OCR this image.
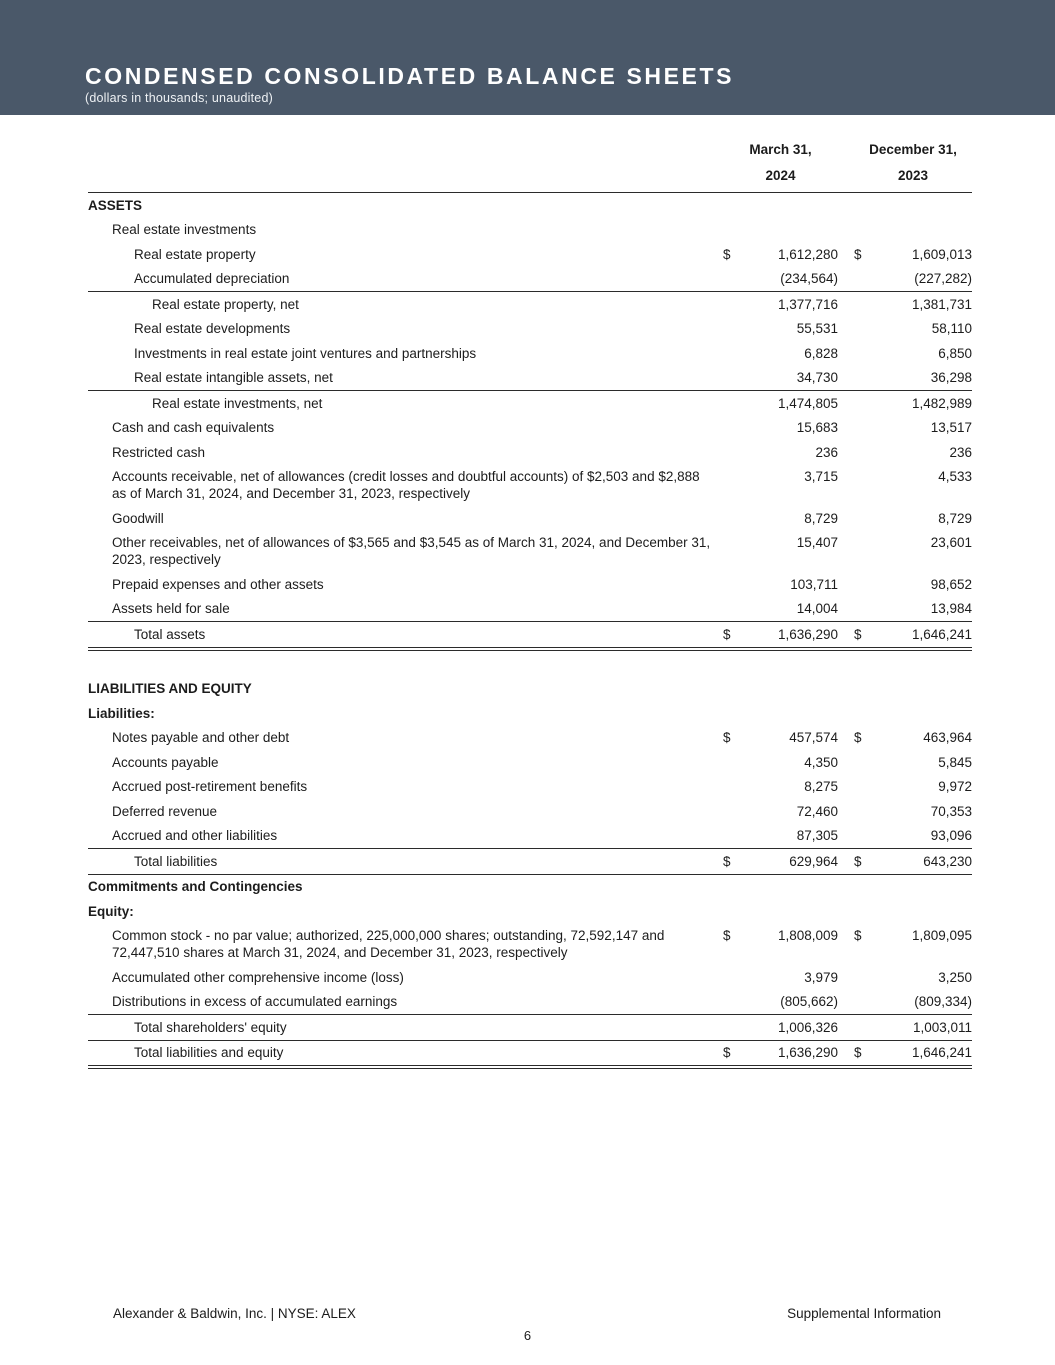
CONDENSED CONSOLIDATED BALANCE SHEETS
(dollars in thousands; unaudited)
March 31,
2024
December 31,
2023
ASSETS
Real estate investments
Real estate property	$	1,612,280 $	1,609,013
Accumulated depreciation	(234,564)	(227,282)
Real estate property, net	1,377,716	1,381,731
Real estate developments	55,531	58,110
Investments in real estate joint ventures and partnerships	6,828	6,850
Real estate intangible assets, net	34,730	36,298
Real estate investments, net	1,474,805	1,482,989
Cash and cash equivalents	15,683	13,517
Restricted cash	236	236
Accounts receivable, net of allowances (credit losses and doubtful accounts) of $2,503 and $2,888 as of March 31, 2024, and December 31, 2023, respectively
3,715	4,533
Goodwill	8,729	8,729
Other receivables, net of allowances of $3,565 and $3,545 as of March 31, 2024, and December 31, 2023, respectively
15,407	23,601
Prepaid expenses and other assets	103,711	98,652
Assets held for sale	14,004	13,984
Total assets	$	1,636,290 $	1,646,241
LIABILITIES AND EQUITY
Liabilities:
Notes payable and other debt	$	457,574 $	463,964
Accounts payable	4,350	5,845
Accrued post-retirement benefits	8,275	9,972
Deferred revenue	72,460	70,353
Accrued and other liabilities	87,305	93,096
Total liabilities	$	629,964 $	643,230
Commitments and Contingencies
Equity:
Common stock - no par value; authorized, 225,000,000 shares; outstanding, 72,592,147 and 72,447,510 shares at March 31, 2024, and December 31, 2023, respectively
$	1,808,009 $	1,809,095
Accumulated other comprehensive income (loss)	3,979	3,250
Distributions in excess of accumulated earnings	(805,662)	(809,334)
Total shareholders' equity	1,006,326	1,003,011
Total liabilities and equity	$	1,636,290 $	1,646,241
Alexander & Baldwin, Inc. | NYSE: ALEX	Supplemental Information
6
